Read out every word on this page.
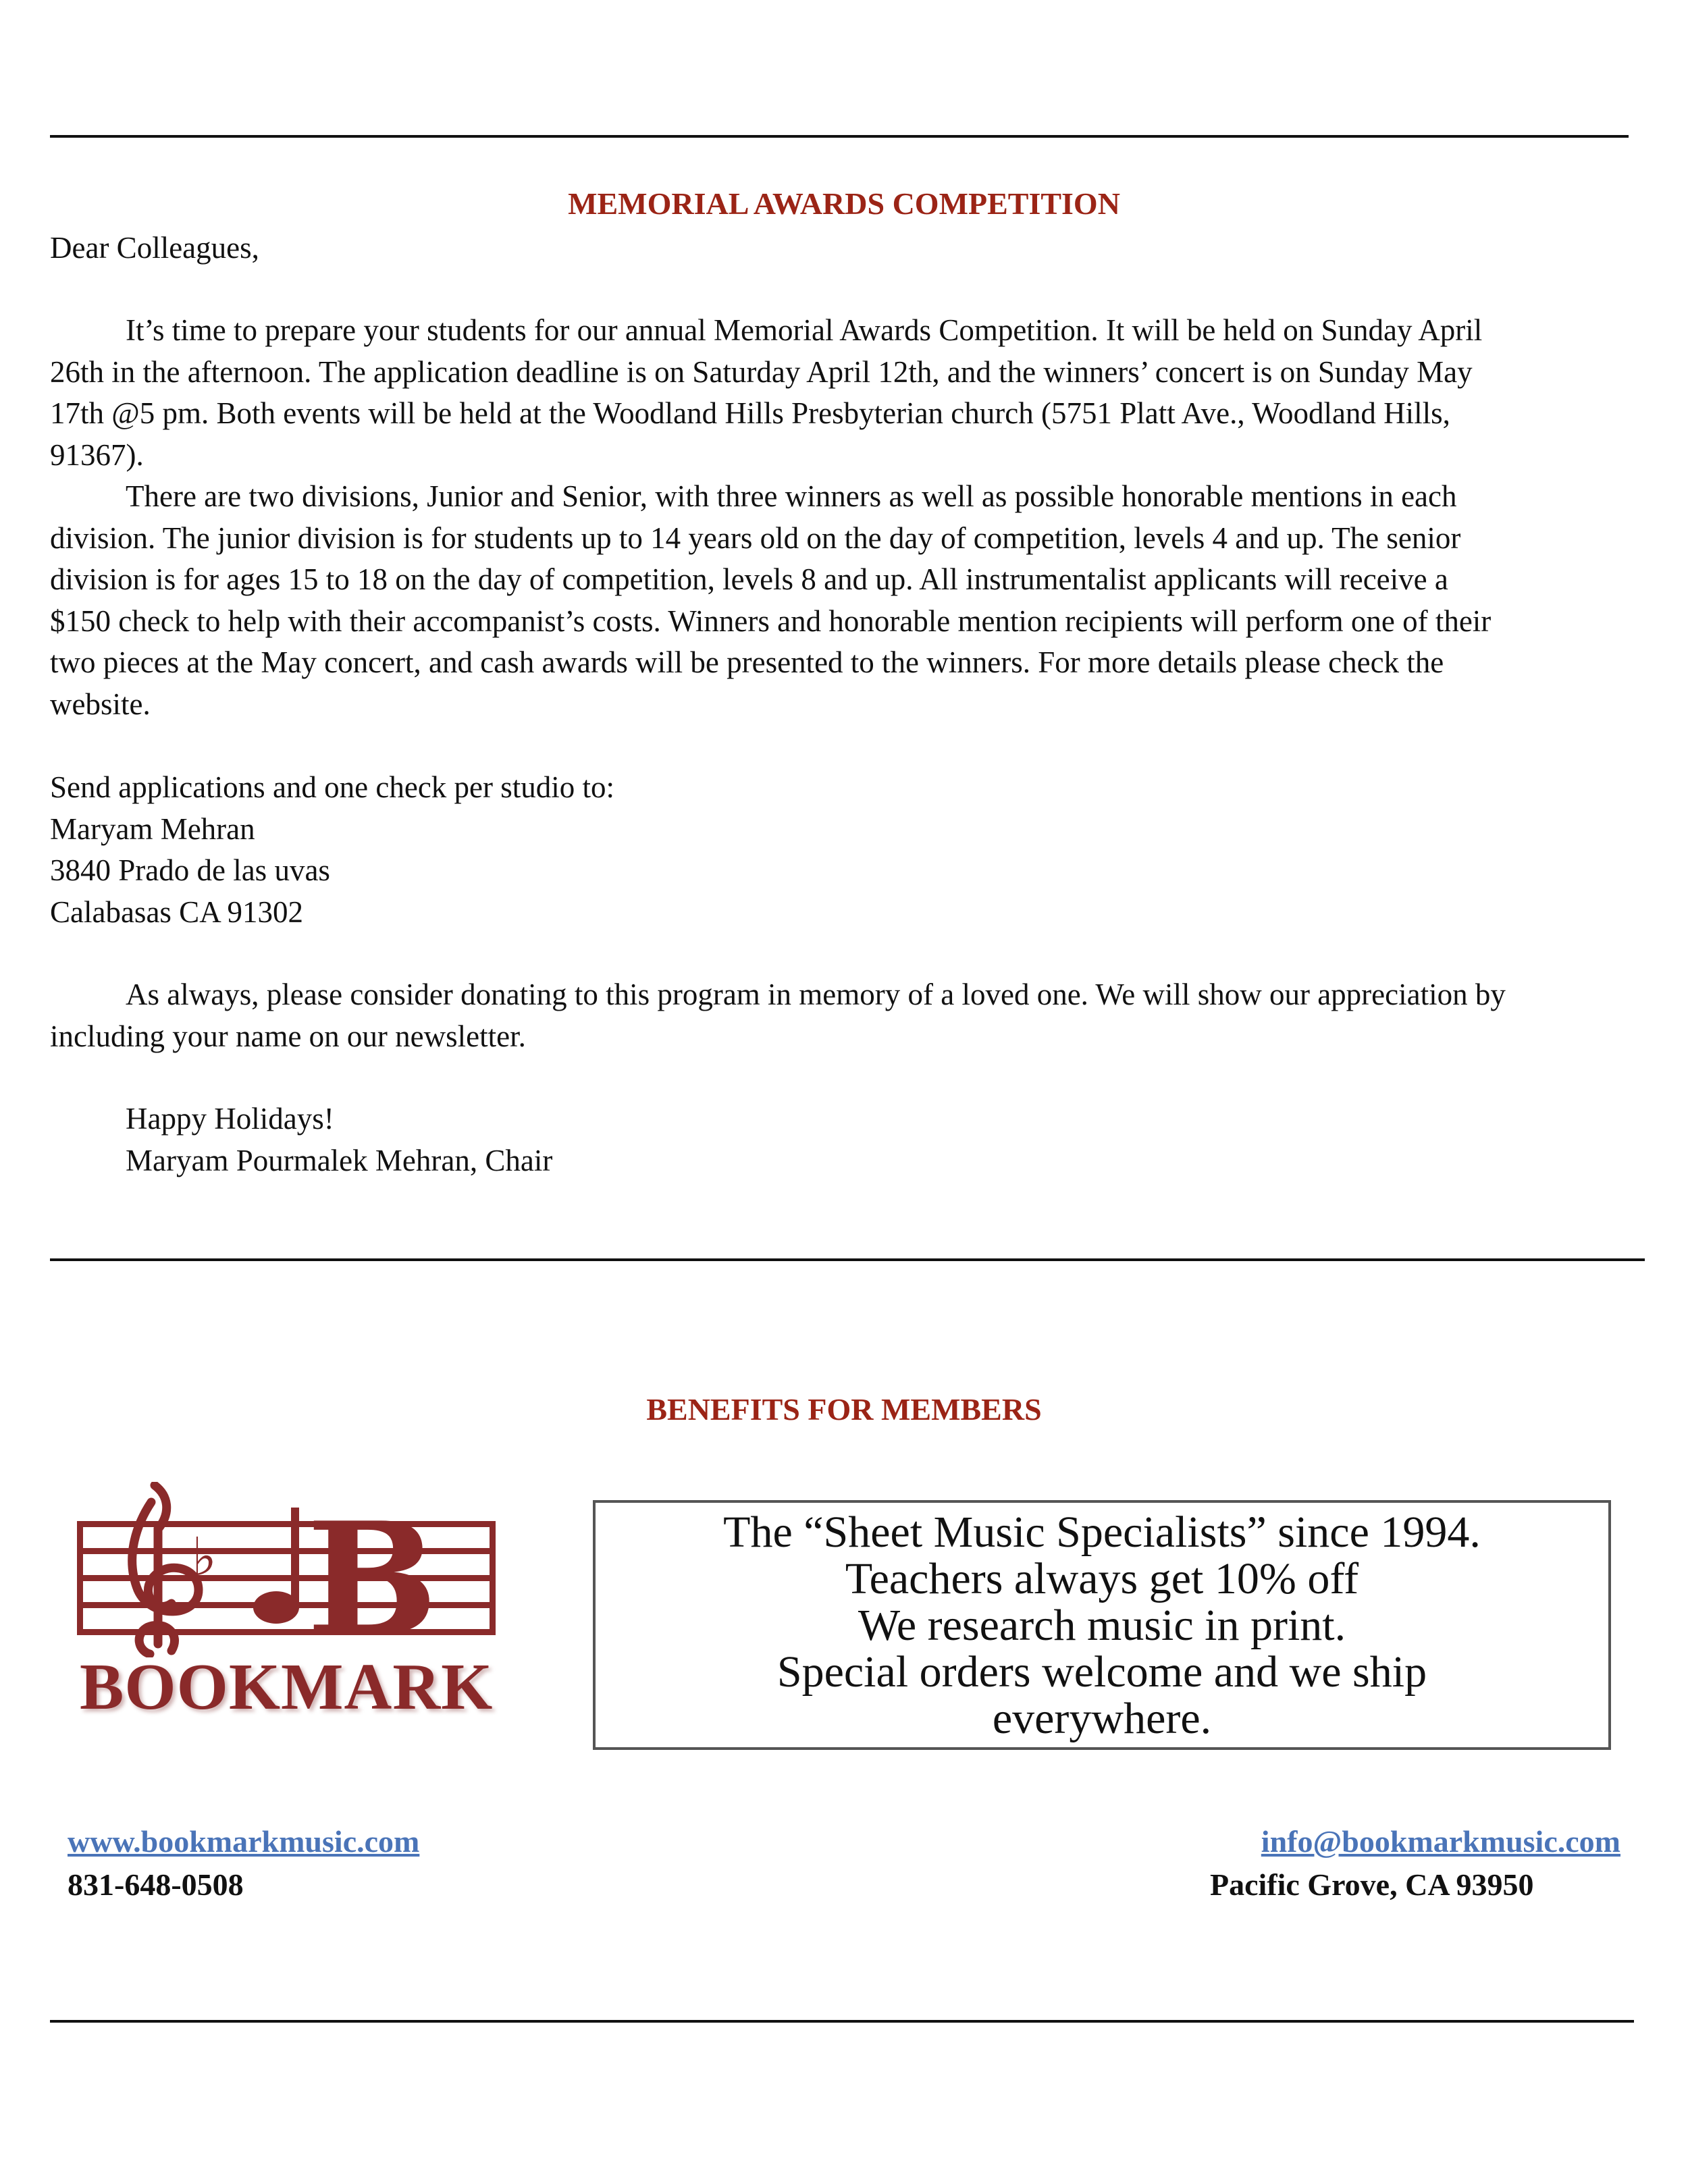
MEMORIAL AWARDS COMPETITION

Dear Colleagues,

It’s time to prepare your students for our annual Memorial Awards Competition. It will be held on Sunday April
26th in the afternoon. The application deadline is on Saturday April 12th, and the winners’ concert is on Sunday May
17th @5 pm. Both events will be held at the Woodland Hills Presbyterian church (5751 Platt Ave., Woodland Hills,
91367).

There are two divisions, Junior and Senior, with three winners as well as possible honorable mentions in each
division. The junior division is for students up to 14 years old on the day of competition, levels 4 and up. The senior
division is for ages 15 to 18 on the day of competition, levels 8 and up. All instrumentalist applicants will receive a
$150 check to help with their accompanist’s costs. Winners and honorable mention recipients will perform one of their
two pieces at the May concert, and cash awards will be presented to the winners. For more details please check the
website.

Send applications and one check per studio to:

Maryam Mehran

3840 Prado de las uvas

Calabasas CA 91302

As always, please consider donating to this program in memory of a loved one. We will show our appreciation by
including your name on our newsletter.

Happy Holidays!

Maryam Pourmalek Mehran, Chair

BENEFITS FOR MEMBERS
♭ B
BOOKMARK
The “Sheet Music Specialists” since 1994.
Teachers always get 10% off
We research music in print.
Special orders welcome and we ship
everywhere.
www.bookmarkmusic.com
831-648-0508
info@bookmarkmusic.com
Pacific Grove, CA 93950
